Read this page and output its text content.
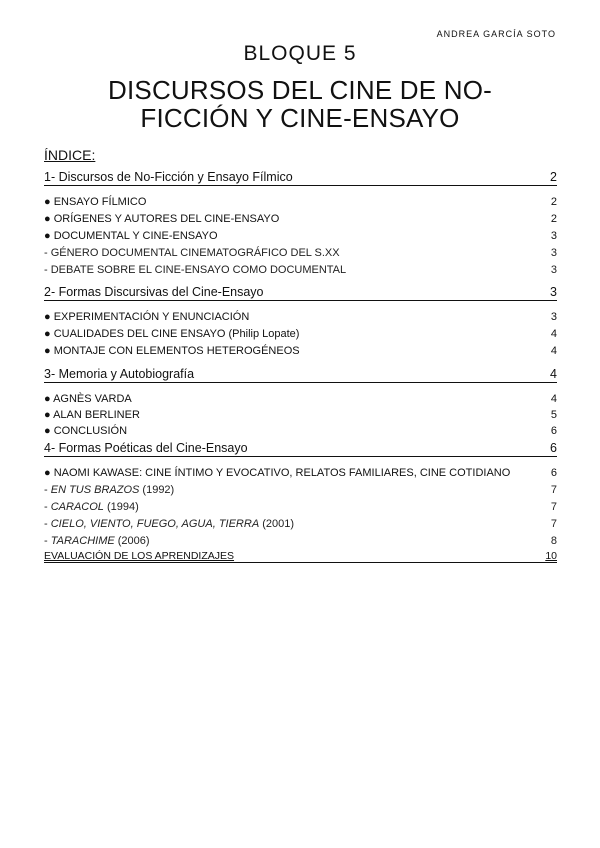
ANDREA GARCÍA SOTO
BLOQUE 5
DISCURSOS DEL CINE DE NO-FICCIÓN Y CINE-ENSAYO
ÍNDICE:
1- Discursos de No-Ficción y Ensayo Fílmico	2
● ENSAYO FÍLMICO	2
● ORÍGENES Y AUTORES DEL CINE-ENSAYO	2
● DOCUMENTAL Y CINE-ENSAYO	3
- GÉNERO DOCUMENTAL CINEMATOGRÁFICO DEL S.XX	3
- DEBATE SOBRE EL CINE-ENSAYO COMO DOCUMENTAL	3
2- Formas Discursivas del Cine-Ensayo	3
● EXPERIMENTACIÓN Y ENUNCIACIÓN	3
● CUALIDADES DEL CINE ENSAYO (Philip Lopate)	4
● MONTAJE CON ELEMENTOS HETEROGÉNEOS	4
3- Memoria y Autobiografía	4
● AGNÈS VARDA	4
● ALAN BERLINER	5
● CONCLUSIÓN	6
4- Formas Poéticas del Cine-Ensayo	6
● NAOMI KAWASE: CINE ÍNTIMO Y EVOCATIVO, RELATOS FAMILIARES, CINE COTIDIANO	6
- EN TUS BRAZOS (1992)	7
- CARACOL (1994)	7
- CIELO, VIENTO, FUEGO, AGUA, TIERRA (2001)	7
- TARACHIME (2006)	8
EVALUACIÓN DE LOS APRENDIZAJES	10
